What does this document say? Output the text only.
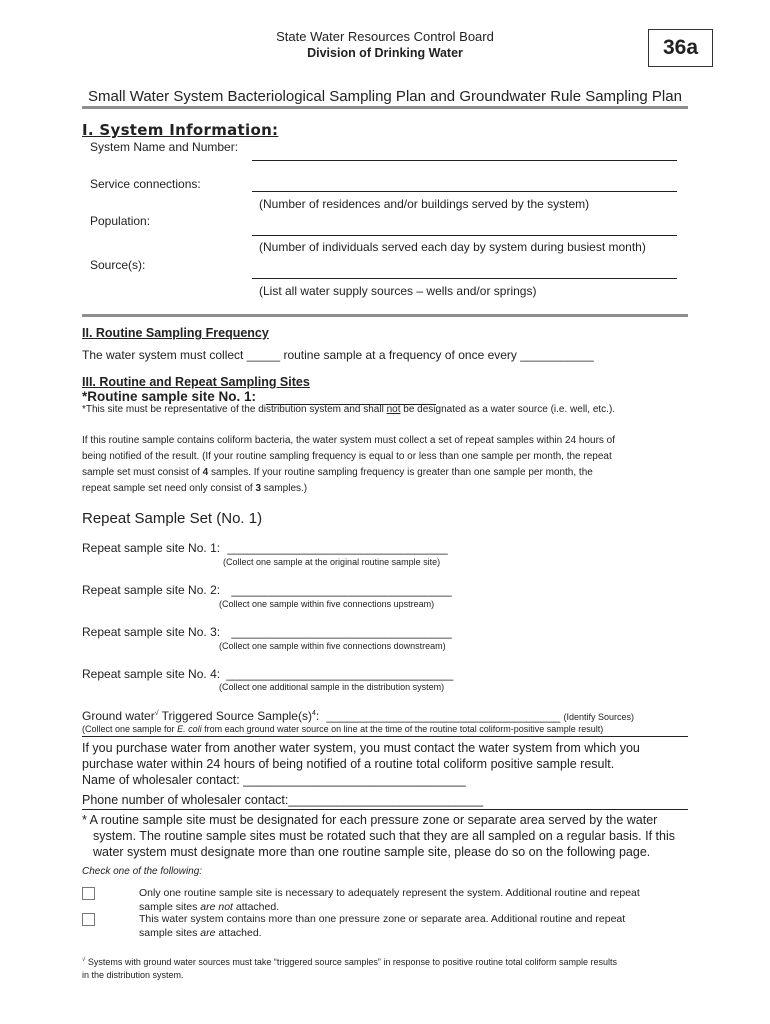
State Water Resources Control Board
Division of Drinking Water	36a
Small Water System Bacteriological Sampling Plan and Groundwater Rule Sampling Plan
I. System Information:
System Name and Number:
Service connections:
(Number of residences and/or buildings served by the system)
Population:
(Number of individuals served each day by system during busiest month)
Source(s):
(List all water supply sources – wells and/or springs)
II. Routine Sampling Frequency
The water system must collect _____ routine sample at a frequency of once every ___________
III. Routine and Repeat Sampling Sites
*Routine sample site No. 1:
*This site must be representative of the distribution system and shall not be designated as a water source (i.e. well, etc.).
If this routine sample contains coliform bacteria, the water system must collect a set of repeat samples within 24 hours of
being notified of the result. (If your routine sampling frequency is equal to or less than one sample per month, the repeat
sample set must consist of 4 samples. If your routine sampling frequency is greater than one sample per month, the
repeat sample set need only consist of 3 samples.)
Repeat Sample Set (No. 1)
Repeat sample site No. 1: _________________________________
(Collect one sample at the original routine sample site)
Repeat sample site No. 2: _________________________________
(Collect one sample within five connections upstream)
Repeat sample site No. 3: _________________________________
(Collect one sample within five connections downstream)
Repeat sample site No. 4: __________________________________
(Collect one additional sample in the distribution system)
Ground water√ Triggered Source $Sample(s)^4$: ___________________________________ (Identify Sources)
(Collect one sample for E. coli from each ground water source on line at the time of the routine total coliform-positive sample result)
If you purchase water from another water system, you must contact the water system from which you
purchase water within 24 hours of being notified of a routine total coliform positive sample result.
Name of wholesaler contact: ________________________________
Phone number of wholesaler contact:____________________________
* A routine sample site must be designated for each pressure zone or separate area served by the water
system. The routine sample sites must be rotated such that they are all sampled on a regular basis. If this
water system must designate more than one routine sample site, please do so on the following page.
Check one of the following:
Only one routine sample site is necessary to adequately represent the system. Additional routine and repeat
sample sites are not attached.
This water system contains more than one pressure zone or separate area. Additional routine and repeat
sample sites are attached.
√ Systems with ground water sources must take “triggered source samples” in response to positive routine total coliform sample results
in the distribution system.
